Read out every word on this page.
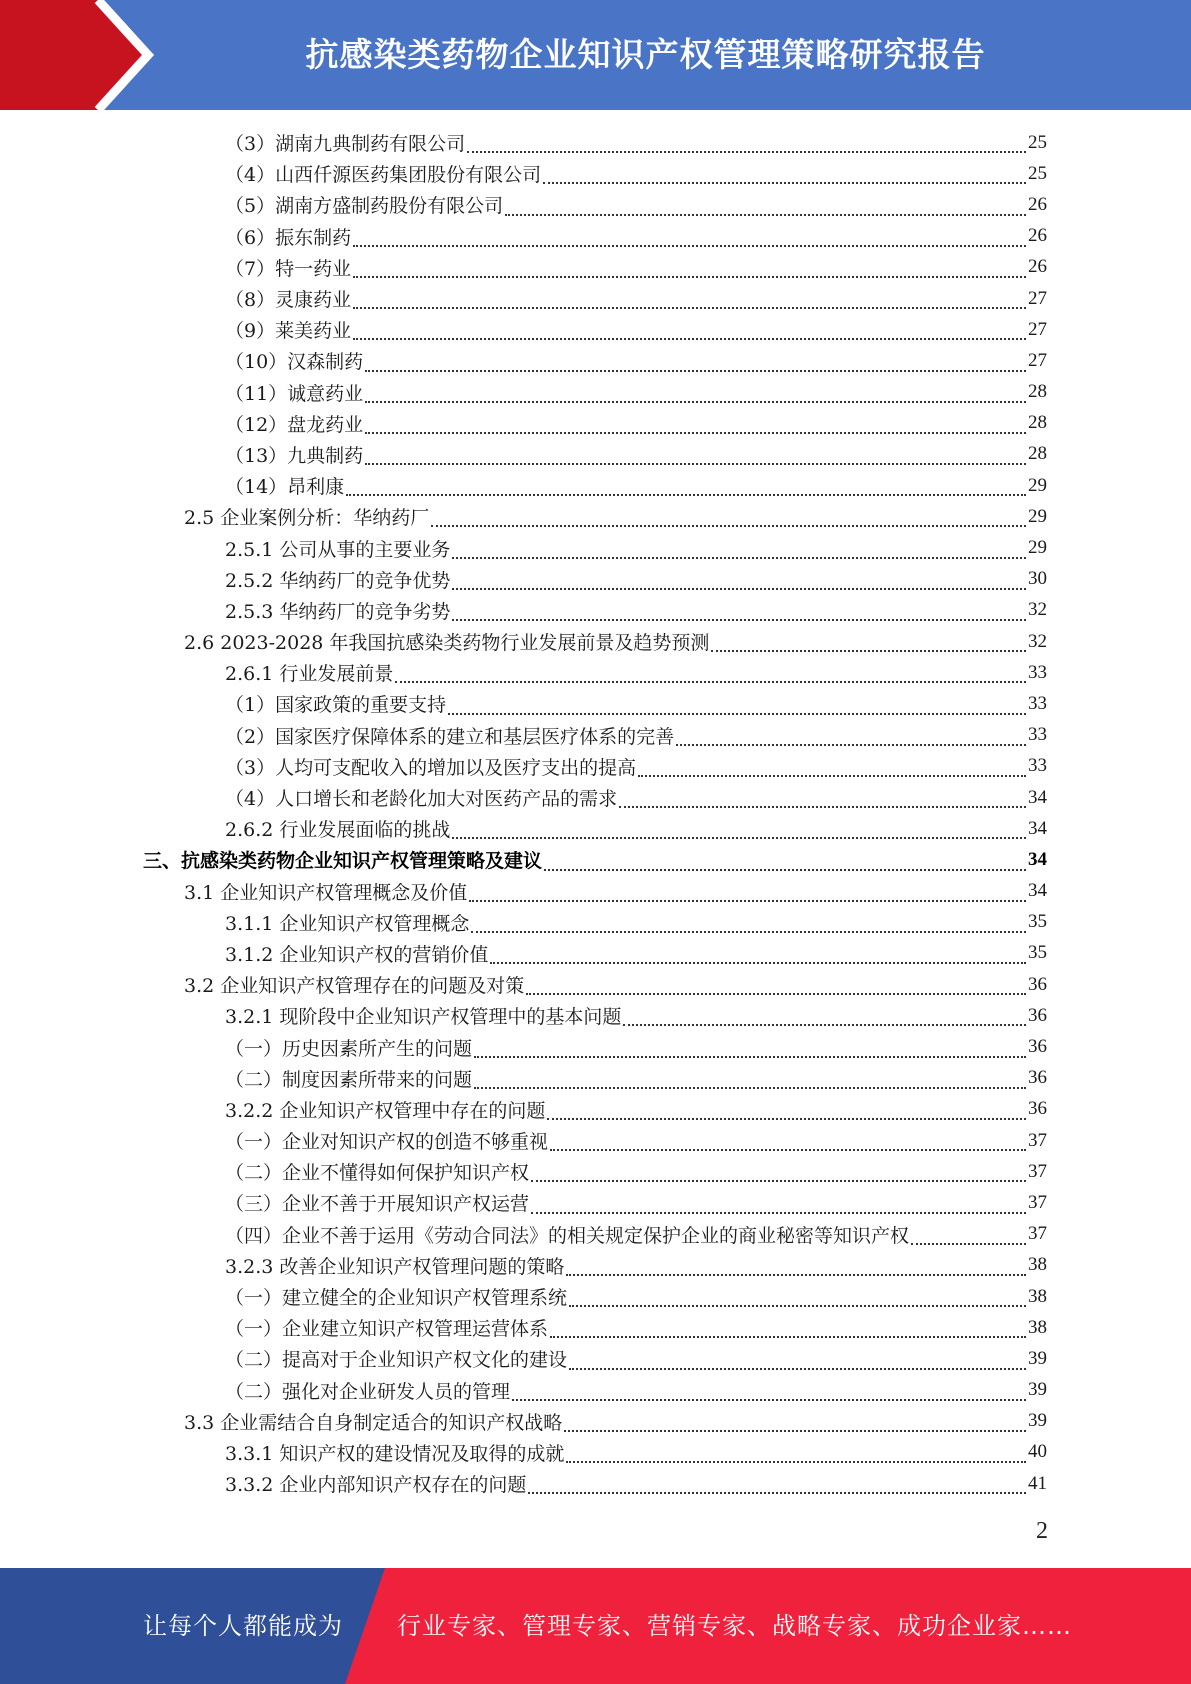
抗感染类药物企业知识产权管理策略研究报告
（3）湖南九典制药有限公司	25
（4）山西仟源医药集团股份有限公司	25
（5）湖南方盛制药股份有限公司	26
（6）振东制药	26
（7）特一药业	26
（8）灵康药业	27
（9）莱美药业	27
（10）汉森制药	27
（11）诚意药业	28
（12）盘龙药业	28
（13）九典制药	28
（14）昂利康	29
2.5 企业案例分析：华纳药厂	29
2.5.1 公司从事的主要业务	29
2.5.2 华纳药厂的竞争优势	30
2.5.3 华纳药厂的竞争劣势	32
2.6 2023-2028 年我国抗感染类药物行业发展前景及趋势预测	32
2.6.1 行业发展前景	33
（1）国家政策的重要支持	33
（2）国家医疗保障体系的建立和基层医疗体系的完善	33
（3）人均可支配收入的增加以及医疗支出的提高	33
（4）人口增长和老龄化加大对医药产品的需求	34
2.6.2 行业发展面临的挑战	34
三、抗感染类药物企业知识产权管理策略及建议	34
3.1 企业知识产权管理概念及价值	34
3.1.1 企业知识产权管理概念	35
3.1.2 企业知识产权的营销价值	35
3.2 企业知识产权管理存在的问题及对策	36
3.2.1 现阶段中企业知识产权管理中的基本问题	36
（一）历史因素所产生的问题	36
（二）制度因素所带来的问题	36
3.2.2 企业知识产权管理中存在的问题	36
（一）企业对知识产权的创造不够重视	37
（二）企业不懂得如何保护知识产权	37
（三）企业不善于开展知识产权运营	37
（四）企业不善于运用《劳动合同法》的相关规定保护企业的商业秘密等知识产权	37
3.2.3 改善企业知识产权管理问题的策略	38
（一）建立健全的企业知识产权管理系统	38
（一）企业建立知识产权管理运营体系	38
（二）提高对于企业知识产权文化的建设	39
（二）强化对企业研发人员的管理	39
3.3 企业需结合自身制定适合的知识产权战略	39
3.3.1 知识产权的建设情况及取得的成就	40
3.3.2 企业内部知识产权存在的问题	41
2
让每个人都能成为 行业专家、管理专家、营销专家、战略专家、成功企业家……
